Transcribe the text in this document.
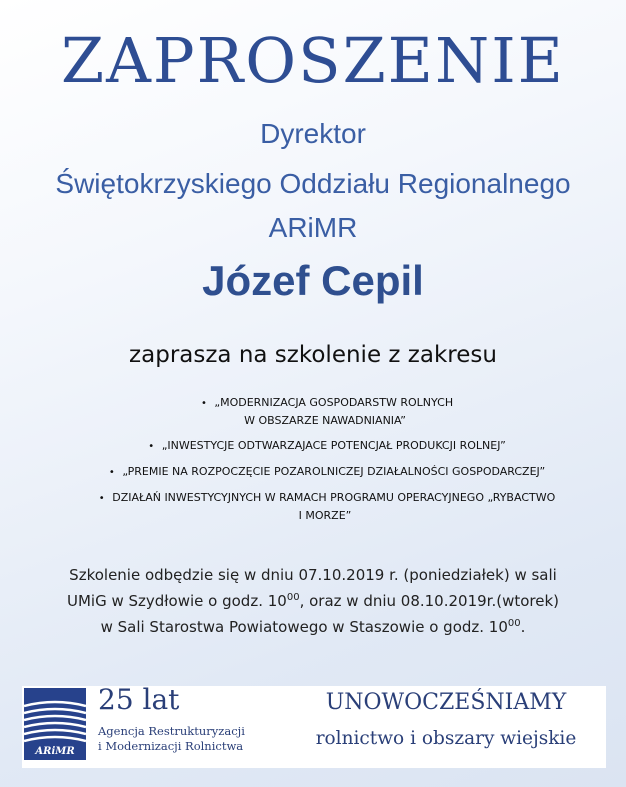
ZAPROSZENIE
Dyrektor
Świętokrzyskiego Oddziału Regionalnego
ARiMR
Józef Cepil
zaprasza na szkolenie z zakresu
• „MODERNIZACJA GOSPODARSTW ROLNYCH
W OBSZARZE NAWADNIANIA”
• „INWESTYCJE ODTWARZAJACE POTENCJAŁ PRODUKCJI ROLNEJ”
• „PREMIE NA ROZPOCZĘCIE POZAROLNICZEJ DZIAŁALNOŚCI GOSPODARCZEJ”
• DZIAŁAŃ INWESTYCYJNYCH W RAMACH PROGRAMU OPERACYJNEGO „RYBACTWO
I MORZE”
Szkolenie odbędzie się w dniu 07.10.2019 r. (poniedziałek) w sali
UMiG w Szydłowie o godz. $10^{00}$, oraz w dniu 08.10.2019r.(wtorek)
w Sali Starostwa Powiatowego w Staszowie o godz. $10^{00}$.
ARiMR
25 lat
Agencja Restrukturyzacji
i Modernizacji Rolnictwa
UNOWOCZEŚNIAMY
rolnictwo i obszary wiejskie
